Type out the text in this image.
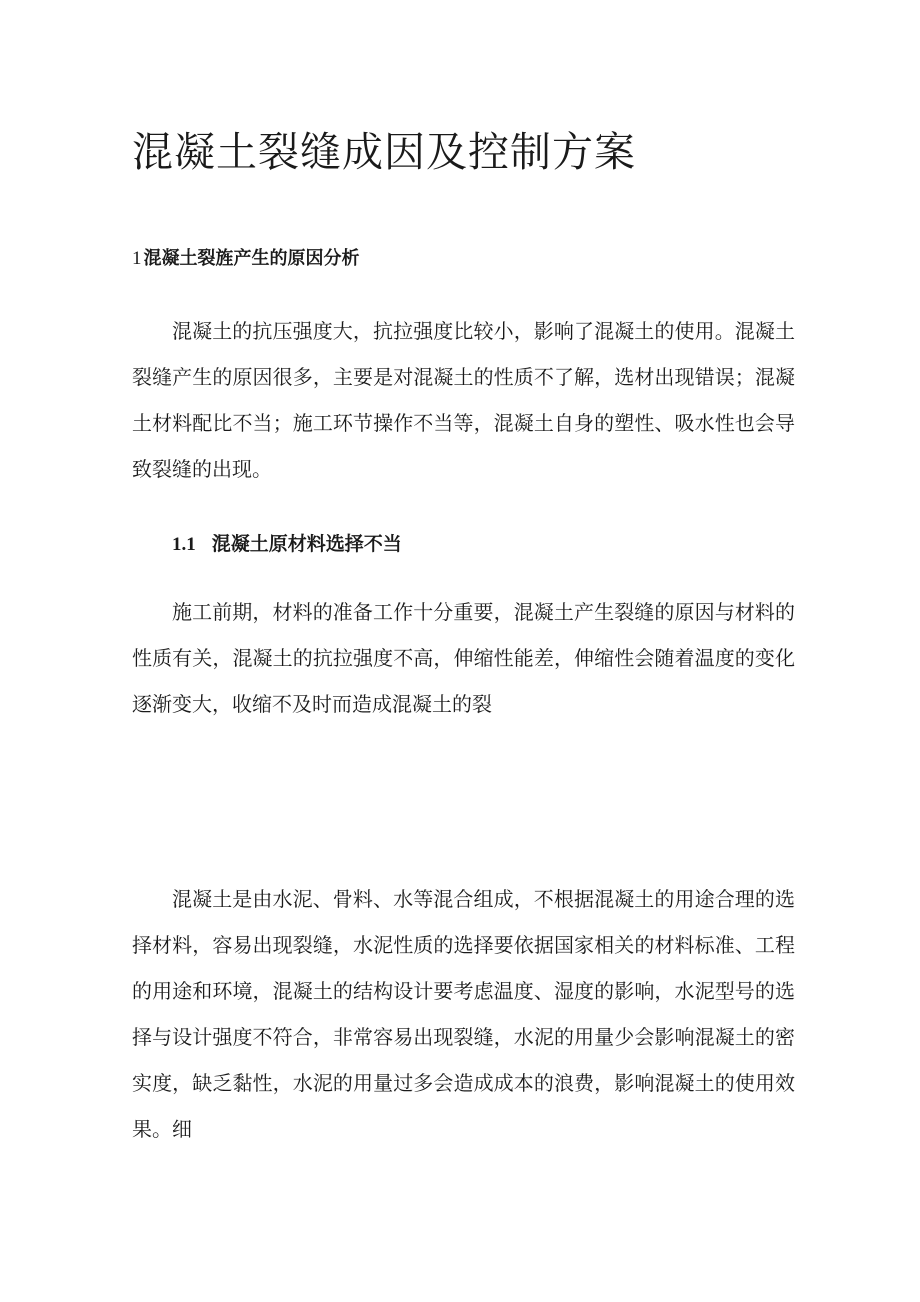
混凝土裂缝成因及控制方案
1 混凝土裂旌产生的原因分析

混凝土的抗压强度大，抗拉强度比较小，影响了混凝土的使用。混凝土裂缝产生的原因很多，主要是对混凝土的性质不了解，选材出现错误；混凝土材料配比不当；施工环节操作不当等，混凝土自身的塑性、吸水性也会导致裂缝的出现。

1.1 混凝土原材料选择不当

施工前期，材料的准备工作十分重要，混凝土产生裂缝的原因与材料的性质有关，混凝土的抗拉强度不高，伸缩性能差，伸缩性会随着温度的变化逐渐变大，收缩不及时而造成混凝土的裂

混凝土是由水泥、骨料、水等混合组成，不根据混凝土的用途合理的选择材料，容易出现裂缝，水泥性质的选择要依据国家相关的材料标准、工程的用途和环境，混凝土的结构设计要考虑温度、湿度的影响，水泥型号的选择与设计强度不符合，非常容易出现裂缝，水泥的用量少会影响混凝土的密实度，缺乏黏性，水泥的用量过多会造成成本的浪费，影响混凝土的使用效果。细
